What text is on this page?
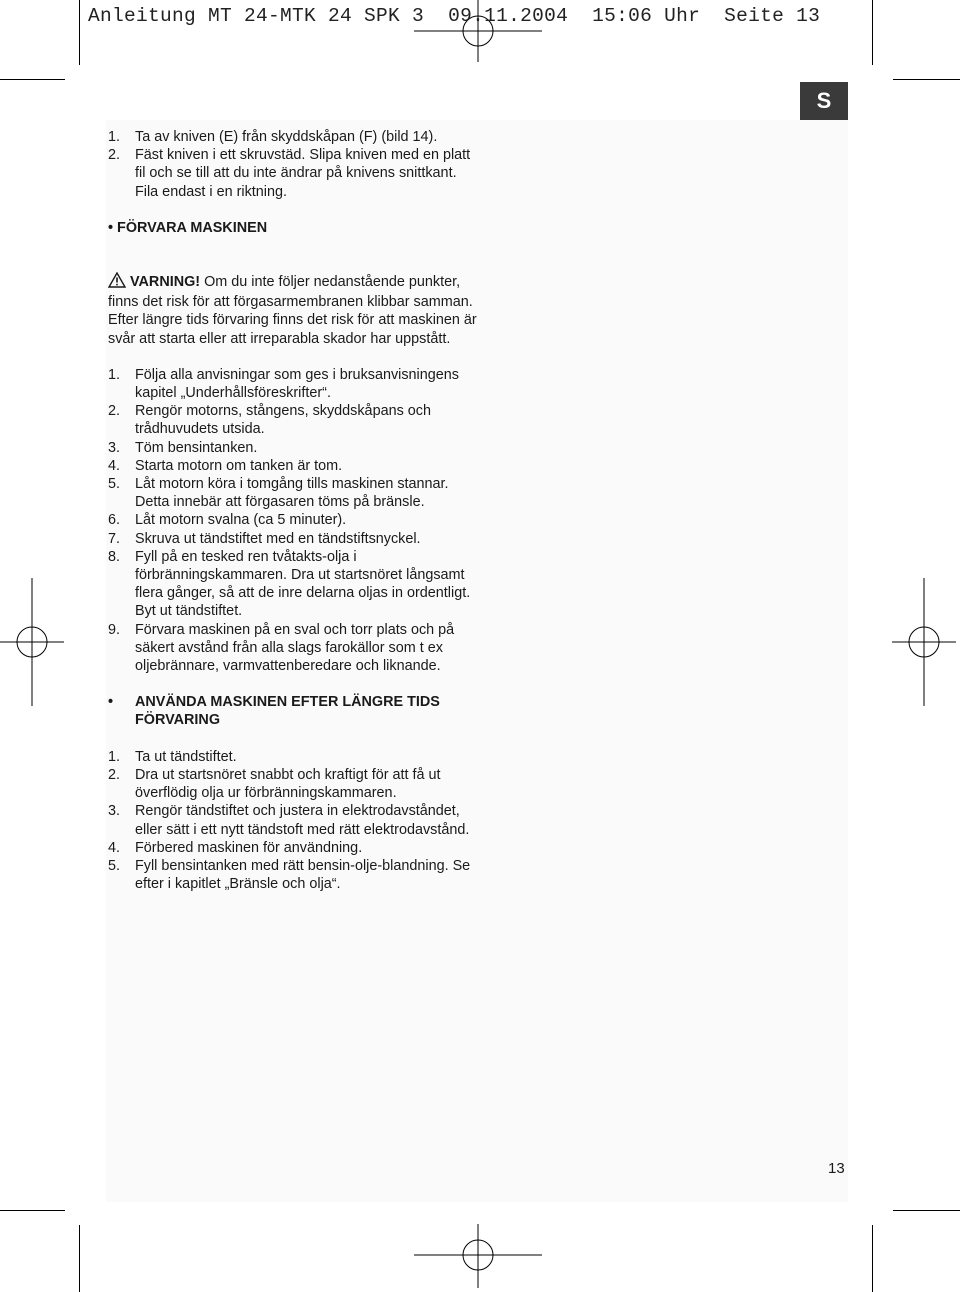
Anleitung MT 24-MTK 24 SPK 3 09.11.2004 15:06 Uhr Seite 13
S
1. Ta av kniven (E) från skyddskåpan (F) (bild 14).
2. Fäst kniven i ett skruvstäd. Slipa kniven med en platt fil och se till att du inte ändrar på knivens snittkant. Fila endast i en riktning.
• FÖRVARA MASKINEN
VARNING! Om du inte följer nedanstående punkter, finns det risk för att förgasarmembranen klibbar samman. Efter längre tids förvaring finns det risk för att maskinen är svår att starta eller att irreparabla skador har uppstått.
1. Följa alla anvisningar som ges i bruksanvisningens kapitel „Underhållsföreskrifter“.
2. Rengör motorns, stångens, skyddskåpans och trådhuvudets utsida.
3. Töm bensintanken.
4. Starta motorn om tanken är tom.
5. Låt motorn köra i tomgång tills maskinen stannar. Detta innebär att förgasaren töms på bränsle.
6. Låt motorn svalna (ca 5 minuter).
7. Skruva ut tändstiftet med en tändstiftsnyckel.
8. Fyll på en tesked ren tvåtakts-olja i förbränningskammaren. Dra ut startsnöret långsamt flera gånger, så att de inre delarna oljas in ordentligt. Byt ut tändstiftet.
9. Förvara maskinen på en sval och torr plats och på säkert avstånd från alla slags farokällor som t ex oljebrännare, varmvattenberedare och liknande.
• ANVÄNDA MASKINEN EFTER LÄNGRE TIDS FÖRVARING
1. Ta ut tändstiftet.
2. Dra ut startsnöret snabbt och kraftigt för att få ut överflödig olja ur förbränningskammaren.
3. Rengör tändstiftet och justera in elektrodavståndet, eller sätt i ett nytt tändstoft med rätt elektrodavstånd.
4. Förbered maskinen för användning.
5. Fyll bensintanken med rätt bensin-olje-blandning. Se efter i kapitlet „Bränsle och olja“.
13
